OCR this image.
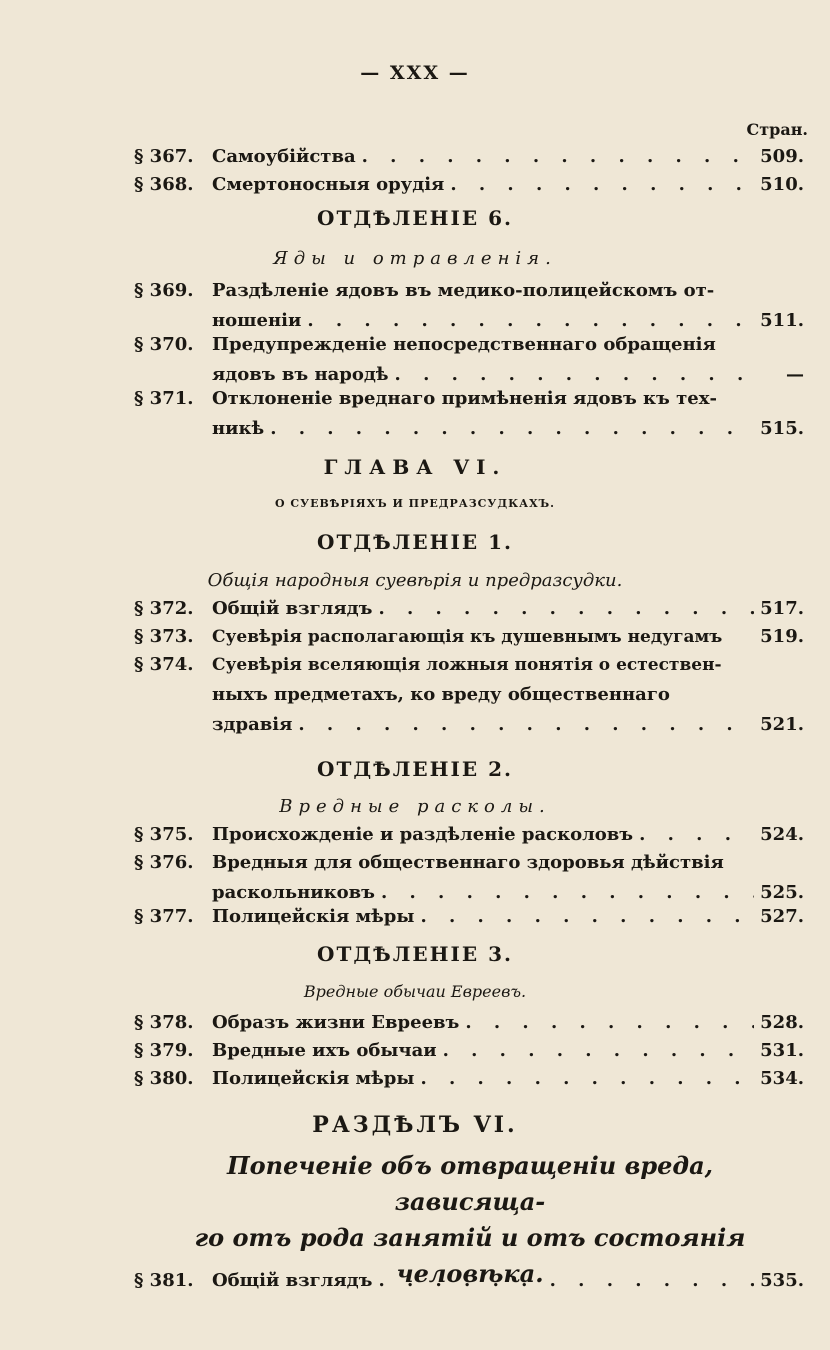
— XXX —
Стран.
§ 367. Самоубійства . . .	509.
§ 368. Смертоносныя орудія . . .	510.
ОТДѢЛЕНІЕ 6.
Яды и отравленія.
§ 369. Раздѣленіе ядовъ въ медико-полицейскомъ от-
ношеніи . . .	511.
§ 370. Предупрежденіе непосредственнаго обращенія
ядовъ въ народѣ . . .	—
§ 371. Отклоненіе вреднаго примѣненія ядовъ къ тех-
никѣ . . .	515.
ГЛАВА VI.
О СУЕВѢРІЯХЪ И ПРЕДРАЗСУДКАХЪ.
ОТДѢЛЕНІЕ 1.
Общія народныя суевѣрія и предразсудки.
§ 372. Общій взглядъ . . .	517.
§ 373. Суевѣрія располагающія къ душевнымъ недугамъ	519.
§ 374. Суевѣрія вселяющія ложныя понятія о естествен-
ныхъ предметахъ, ко вреду общественнаго
здравія . . .	521.
ОТДѢЛЕНІЕ 2.
Вредные расколы.
§ 375. Происхожденіе и раздѣленіе расколовъ . . .	524.
§ 376. Вредныя для общественнаго здоровья дѣйствія
раскольниковъ . . .	525.
§ 377. Полицейскія мѣры . . .	527.
ОТДѢЛЕНІЕ 3.
Вредные обычаи Евреевъ.
§ 378. Образъ жизни Евреевъ . . .	528.
§ 379. Вредные ихъ обычаи . . .	531.
§ 380. Полицейскія мѣры . . .	534.
РАЗДѢЛЪ VI.
Попеченіе объ отвращеніи вреда, зависяща-
го отъ рода занятій и отъ состоянія
человѣка.
§ 381. Общій взглядъ . . .	535.
